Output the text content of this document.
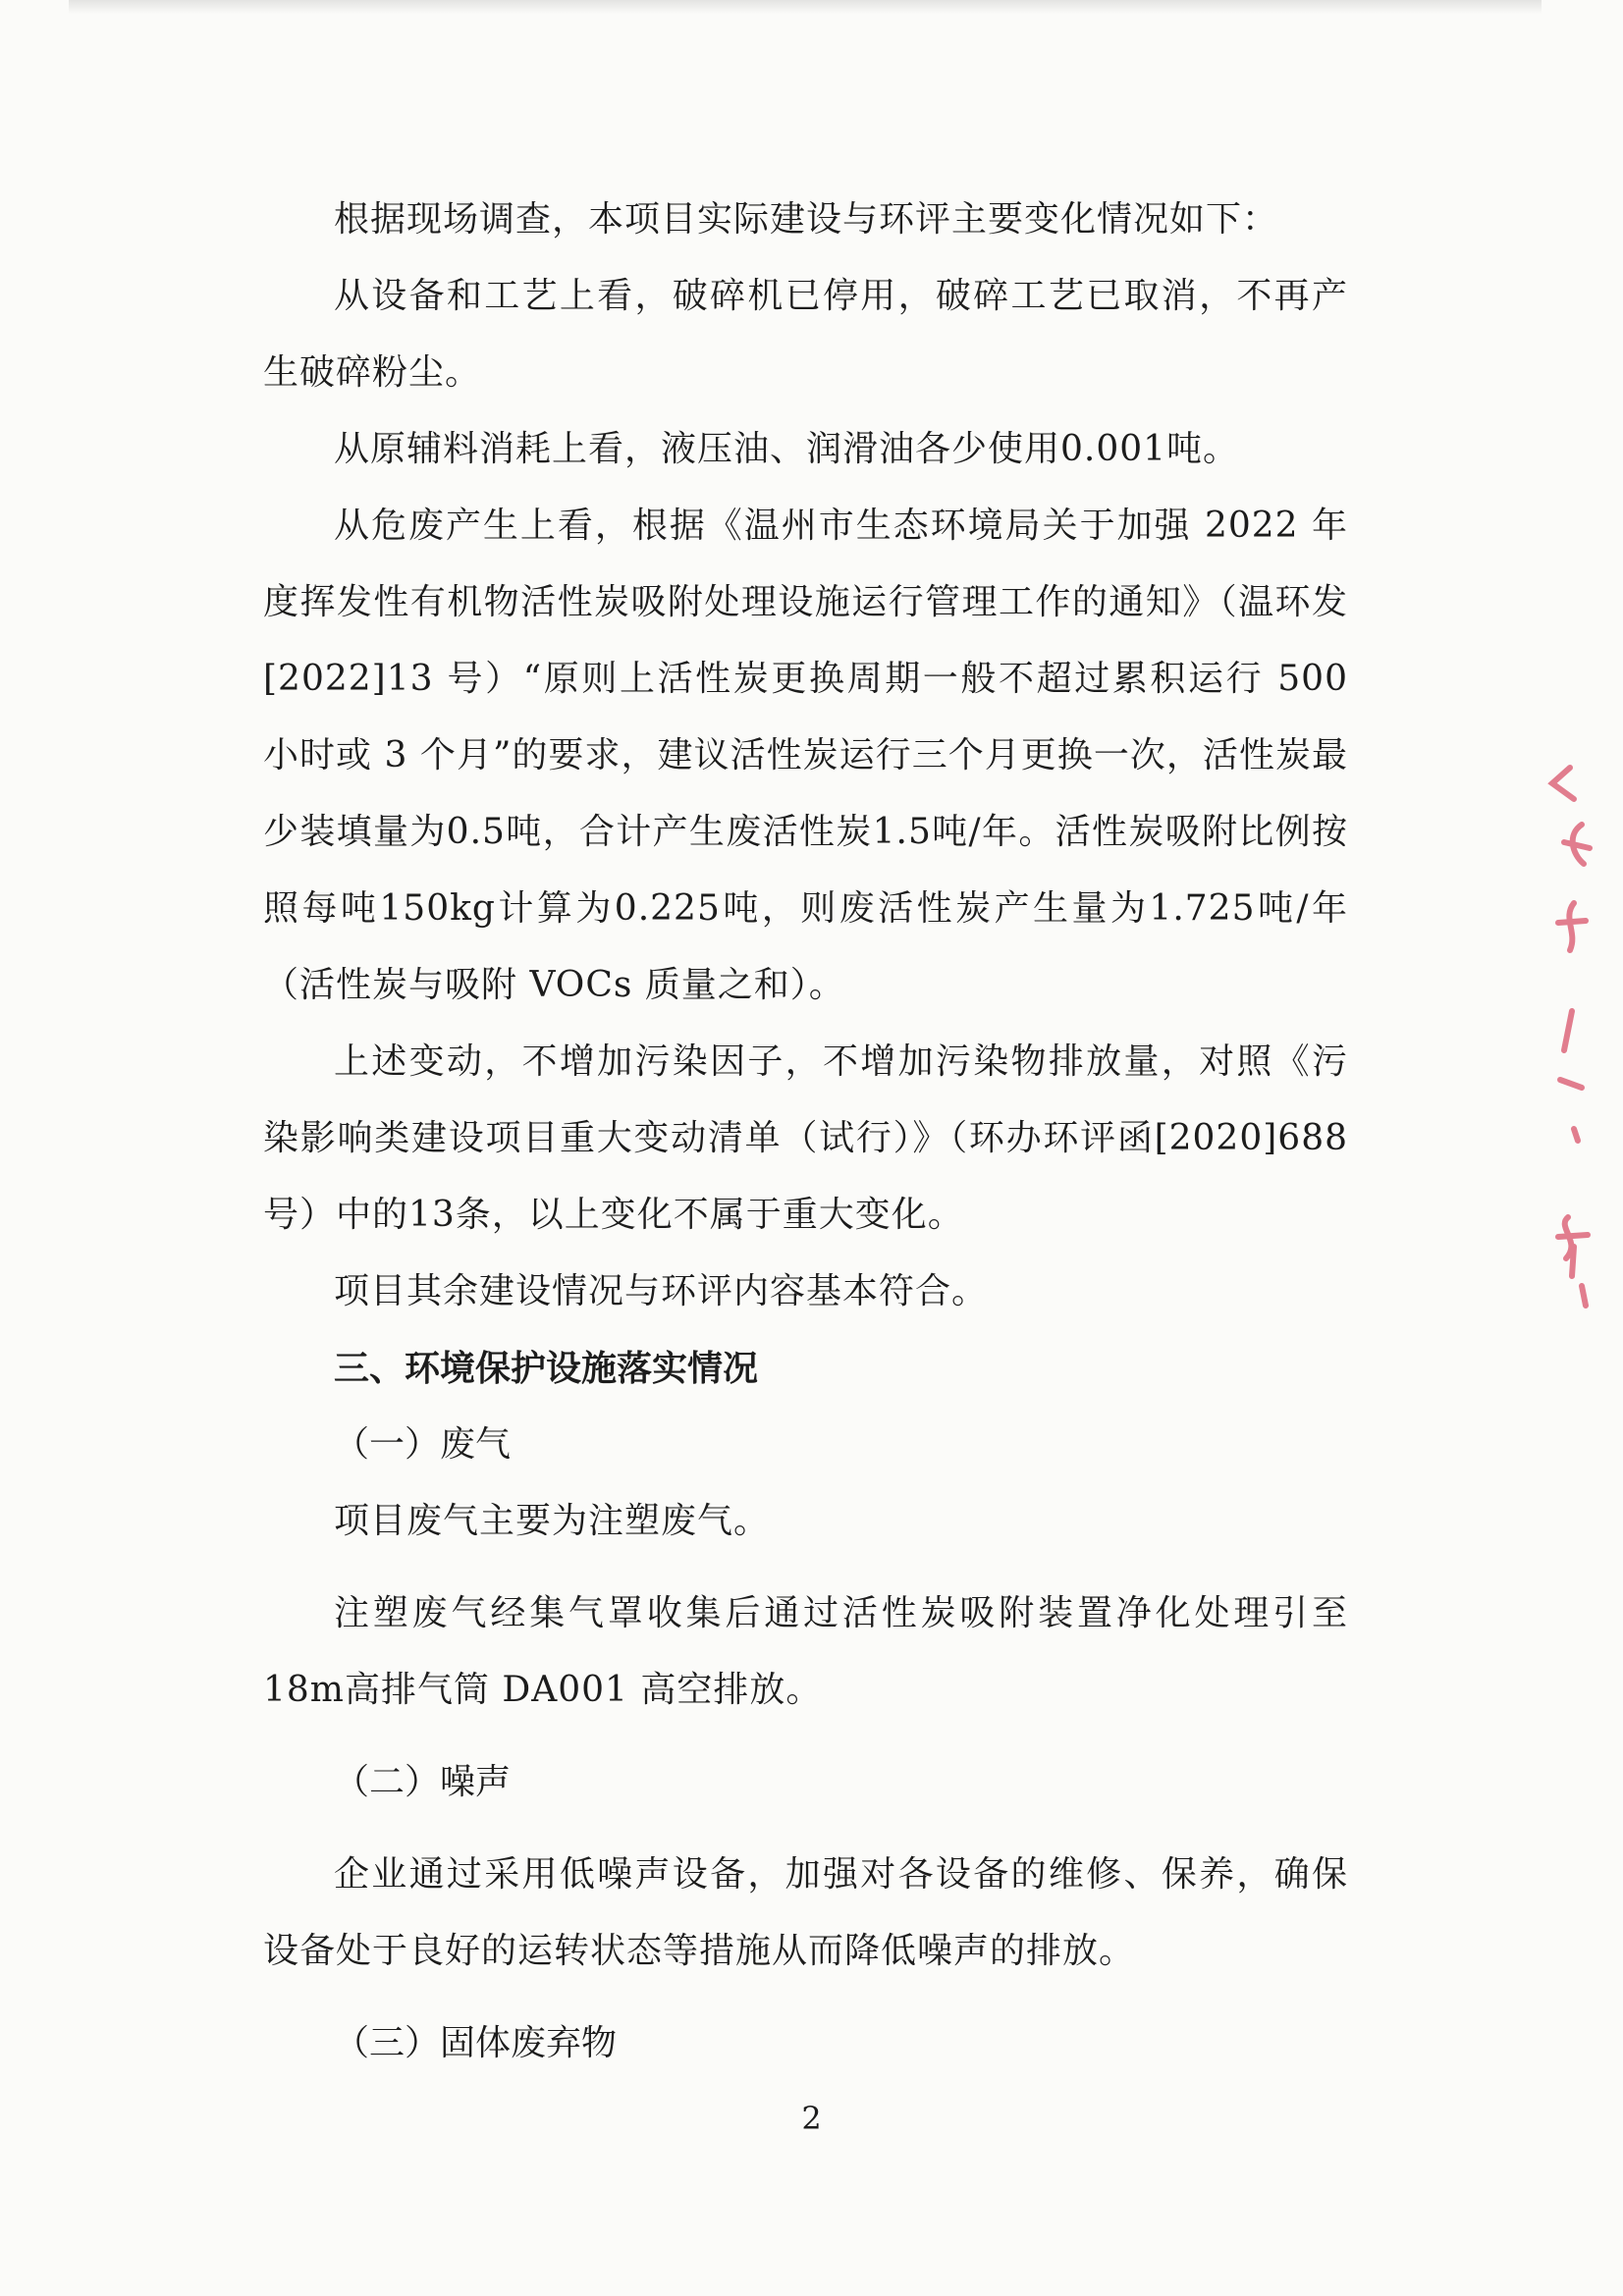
根据现场调查，本项目实际建设与环评主要变化情况如下：

从设备和工艺上看，破碎机已停用，破碎工艺已取消，不再产生破碎粉尘。

从原辅料消耗上看，液压油、润滑油各少使用0.001吨。

从危废产生上看，根据《温州市生态环境局关于加强 2022 年度挥发性有机物活性炭吸附处理设施运行管理工作的通知》（温环发[2022]13 号）“原则上活性炭更换周期一般不超过累积运行 500 小时或 3 个月”的要求，建议活性炭运行三个月更换一次，活性炭最少装填量为0.5吨，合计产生废活性炭1.5吨/年。活性炭吸附比例按照每吨150kg计算为0.225吨，则废活性炭产生量为1.725吨/年（活性炭与吸附 VOCs 质量之和）。

上述变动，不增加污染因子，不增加污染物排放量，对照《污染影响类建设项目重大变动清单（试行）》（环办环评函[2020]688 号）中的13条，以上变化不属于重大变化。

项目其余建设情况与环评内容基本符合。

三、环境保护设施落实情况

（一）废气

项目废气主要为注塑废气。

注塑废气经集气罩收集后通过活性炭吸附装置净化处理引至18m高排气筒 DA001 高空排放。

（二）噪声

企业通过采用低噪声设备，加强对各设备的维修、保养，确保设备处于良好的运转状态等措施从而降低噪声的排放。

（三）固体废弃物

2
